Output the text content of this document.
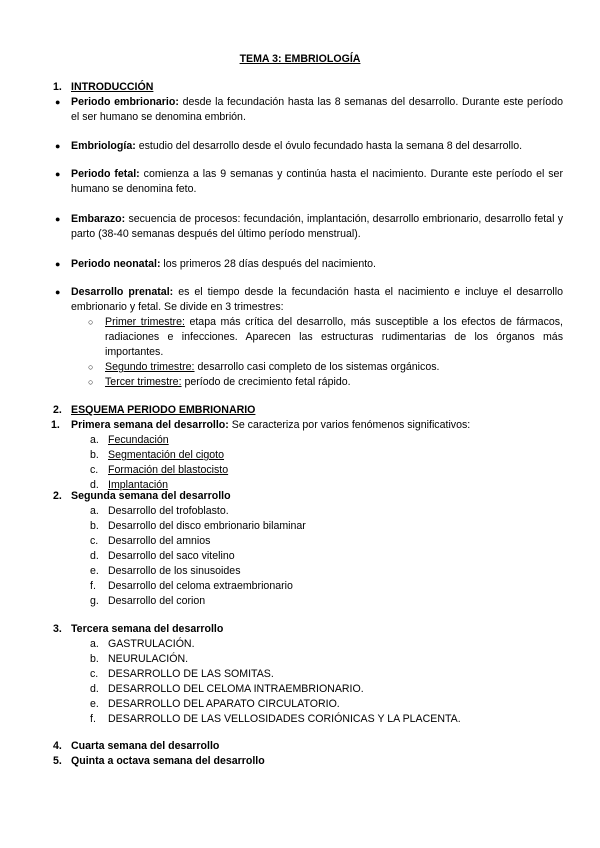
TEMA 3: EMBRIOLOGÍA
1. INTRODUCCIÓN
● Periodo embrionario: desde la fecundación hasta las 8 semanas del desarrollo. Durante este período el ser humano se denomina embrión.
● Embriología: estudio del desarrollo desde el óvulo fecundado hasta la semana 8 del desarrollo.
● Periodo fetal: comienza a las 9 semanas y continúa hasta el nacimiento. Durante este período el ser humano se denomina feto.
● Embarazo: secuencia de procesos: fecundación, implantación, desarrollo embrionario, desarrollo fetal y parto (38-40 semanas después del último período menstrual).
● Periodo neonatal: los primeros 28 días después del nacimiento.
● Desarrollo prenatal: es el tiempo desde la fecundación hasta el nacimiento e incluye el desarrollo embrionario y fetal. Se divide en 3 trimestres:
○ Primer trimestre: etapa más crítica del desarrollo, más susceptible a los efectos de fármacos, radiaciones e infecciones. Aparecen las estructuras rudimentarias de los órganos más importantes.
○ Segundo trimestre: desarrollo casi completo de los sistemas orgánicos.
○ Tercer trimestre: período de crecimiento fetal rápido.
2. ESQUEMA PERIODO EMBRIONARIO
1. Primera semana del desarrollo: Se caracteriza por varios fenómenos significativos:
a. Fecundación
b. Segmentación del cigoto
c. Formación del blastocisto
d. Implantación
2. Segunda semana del desarrollo
a. Desarrollo del trofoblasto.
b. Desarrollo del disco embrionario bilaminar
c. Desarrollo del amnios
d. Desarrollo del saco vitelino
e. Desarrollo de los sinusoides
f. Desarrollo del celoma extraembrionario
g. Desarrollo del corion
3. Tercera semana del desarrollo
a. GASTRULACIÓN.
b. NEURULACIÓN.
c. DESARROLLO DE LAS SOMITAS.
d. DESARROLLO DEL CELOMA INTRAEMBRIONARIO.
e. DESARROLLO DEL APARATO CIRCULATORIO.
f. DESARROLLO DE LAS VELLOSIDADES CORIÓNICAS Y LA PLACENTA.
4. Cuarta semana del desarrollo
5. Quinta a octava semana del desarrollo
